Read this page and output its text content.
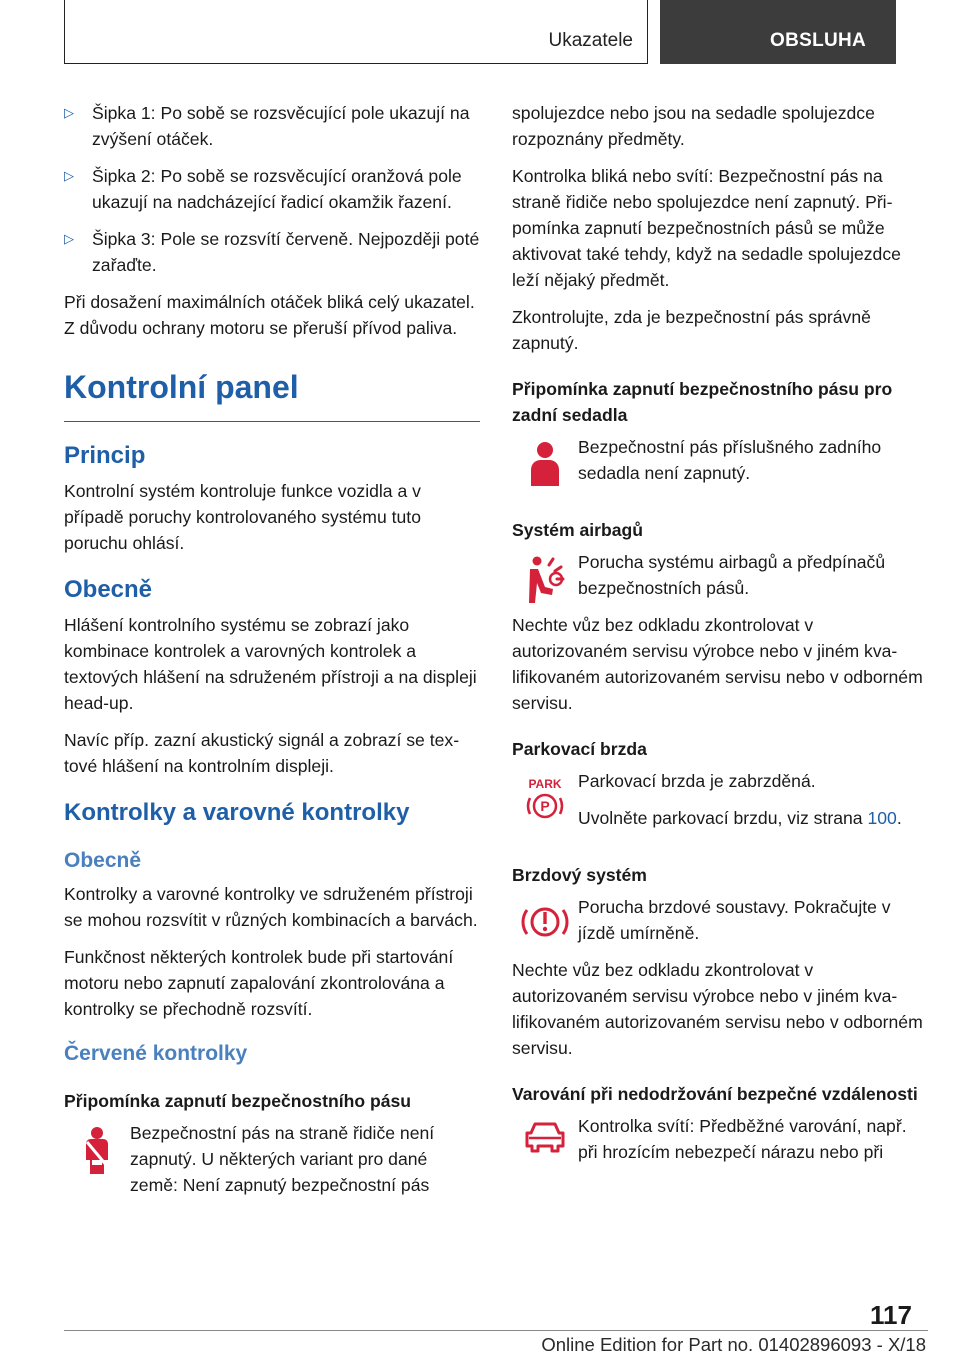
Ukazatele	OBSLUHA
▷ Šipka 1: Po sobě se rozsvěcující pole ukazují na zvýšení otáček.
▷ Šipka 2: Po sobě se rozsvěcující oranžová pole ukazují na nadcházející řadicí okamžik řazení.
▷ Šipka 3: Pole se rozsvítí červeně. Nejpozději poté zařaďte.

Při dosažení maximálních otáček bliká celý ukazatel. Z důvodu ochrany motoru se přeruší přívod paliva.

Kontrolní panel
Princip

Kontrolní systém kontroluje funkce vozidla a v případě poruchy kontrolovaného systému tuto poruchu ohlásí.

Obecně

Hlášení kontrolního systému se zobrazí jako kombinace kontrolek a varovných kontrolek a textových hlášení na sdruženém přístroji a na displeji head-up.

Navíc příp. zazní akustický signál a zobrazí se textové hlášení na kontrolním displeji.

Kontrolky a varovné kontrolky
Obecně

Kontrolky a varovné kontrolky ve sdruženém přístroji se mohou rozsvítit v různých kombinacích a barvách.

Funkčnost některých kontrolek bude při startování motoru nebo zapnutí zapalování zkontrolována a kontrolky se přechodně rozsvítí.

Červené kontrolky
Připomínka zapnutí bezpečnostního pásu

Bezpečnostní pás na straně řidiče není zapnutý. U některých variant pro dané země: Není zapnutý bezpečnostní pás

spolujezdce nebo jsou na sedadle spolujezdce rozpoznány předměty.

Kontrolka bliká nebo svítí: Bezpečnostní pás na straně řidiče nebo spolujezdce není zapnutý. Připomínka zapnutí bezpečnostních pásů se může aktivovat také tehdy, když na sedadle spolujezdce leží nějaký předmět.

Zkontrolujte, zda je bezpečnostní pás správně zapnutý.

Připomínka zapnutí bezpečnostního pásu pro zadní sedadla

Bezpečnostní pás příslušného zadního sedadla není zapnutý.

Systém airbagů

Porucha systému airbagů a předpínačů bezpečnostních pásů.

Nechte vůz bez odkladu zkontrolovat v autorizovaném servisu výrobce nebo v jiném kvalifikovaném autorizovaném servisu nebo v odborném servisu.

Parkovací brzda
PARK
P

Parkovací brzda je zabrzděná.

Uvolněte parkovací brzdu, viz strana 100.

Brzdový systém

Porucha brzdové soustavy. Pokračujte v jízdě umírněně.

Nechte vůz bez odkladu zkontrolovat v autorizovaném servisu výrobce nebo v jiném kvalifikovaném autorizovaném servisu nebo v odborném servisu.

Varování při nedodržování bezpečné vzdálenosti

Kontrolka svítí: Předběžné varování, např. při hrozícím nebezpečí nárazu nebo při

117
Online Edition for Part no. 01402896093 - X/18
